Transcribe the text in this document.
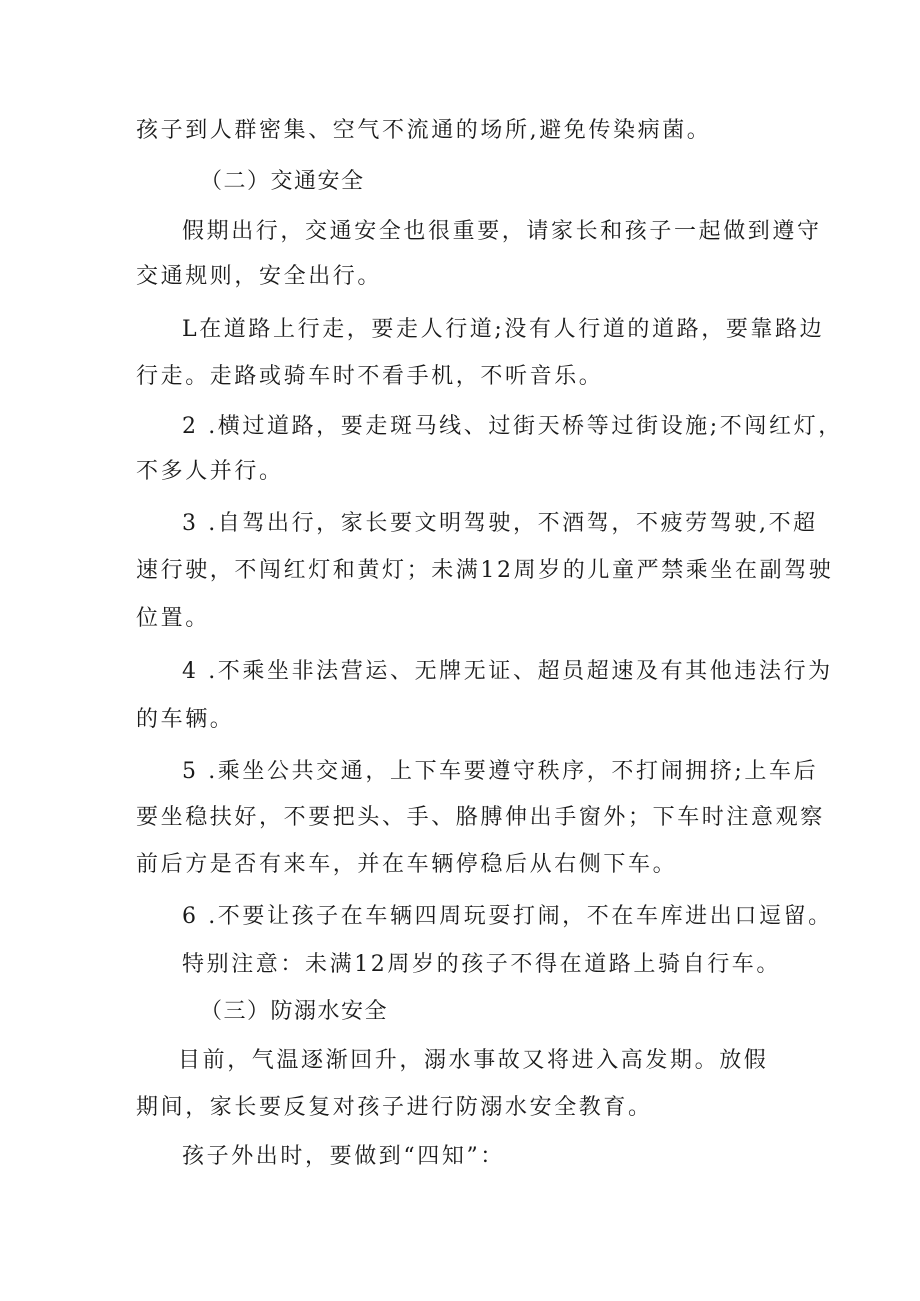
孩子到人群密集、空气不流通的场所,避免传染病菌。
（二）交通安全
假期出行，交通安全也很重要，请家长和孩子一起做到遵守
交通规则，安全出行。
L在道路上行走，要走人行道;没有人行道的道路，要靠路边
行走。走路或骑车时不看手机，不听音乐。
2 .横过道路，要走斑马线、过街天桥等过街设施;不闯红灯，
不多人并行。
3 .自驾出行，家长要文明驾驶，不酒驾，不疲劳驾驶,不超
速行驶，不闯红灯和黄灯；未满12周岁的儿童严禁乘坐在副驾驶
位置。
4 .不乘坐非法营运、无牌无证、超员超速及有其他违法行为
的车辆。
5 .乘坐公共交通，上下车要遵守秩序，不打闹拥挤;上车后
要坐稳扶好，不要把头、手、胳膊伸出手窗外；下车时注意观察
前后方是否有来车，并在车辆停稳后从右侧下车。
6 .不要让孩子在车辆四周玩耍打闹，不在车库进出口逗留。
特别注意：未满12周岁的孩子不得在道路上骑自行车。
（三）防溺水安全
目前，气温逐渐回升，溺水事故又将进入高发期。放假
期间，家长要反复对孩子进行防溺水安全教育。
孩子外出时，要做到“四知”：
